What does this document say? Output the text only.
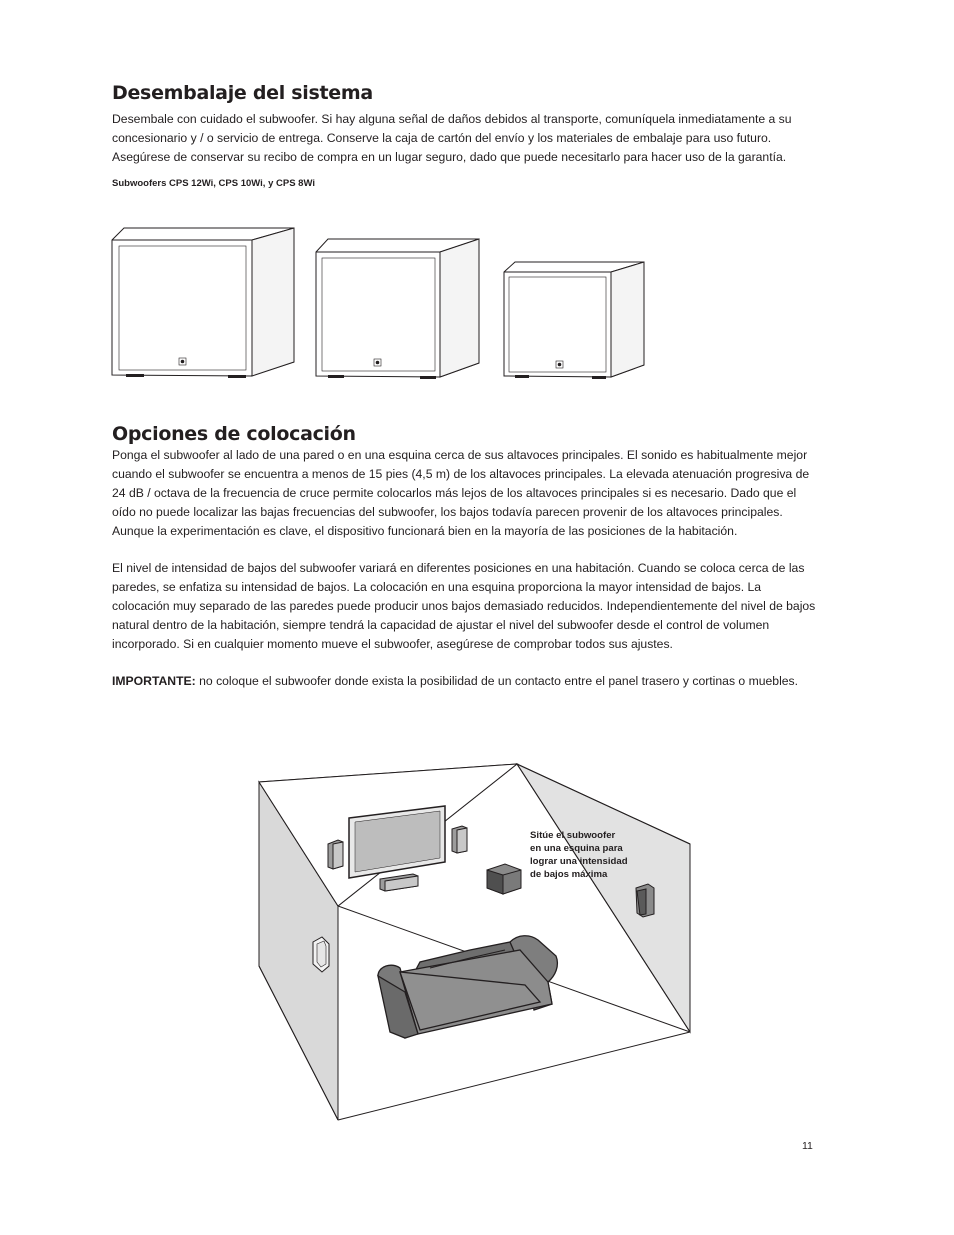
Desembalaje del sistema

Desembale con cuidado el subwoofer. Si hay alguna señal de daños debidos al transporte, comuníquela inmediatamente a su concesionario y / o servicio de entrega. Conserve la caja de cartón del envío y los materiales de embalaje para uso futuro. Asegúrese de conservar su recibo de compra en un lugar seguro, dado que puede necesitarlo para hacer uso de la garantía.

Subwoofers CPS 12Wi, CPS 10Wi, y CPS 8Wi

Opciones de colocación

Ponga el subwoofer al lado de una pared o en una esquina cerca de sus altavoces principales. El sonido es habitualmente mejor cuando el subwoofer se encuentra a menos de 15 pies (4,5 m) de los altavoces principales. La elevada atenuación progresiva de 24 dB / octava de la frecuencia de cruce permite colocarlos más lejos de los altavoces principales si es necesario. Dado que el oído no puede localizar las bajas frecuencias del subwoofer, los bajos todavía parecen provenir de los altavoces principales. Aunque la experimentación es clave, el dispositivo funcionará bien en la mayoría de las posiciones de la habitación.

El nivel de intensidad de bajos del subwoofer variará en diferentes posiciones en una habitación. Cuando se coloca cerca de las paredes, se enfatiza su intensidad de bajos. La colocación en una esquina proporciona la mayor intensidad de bajos. La colocación muy separado de las paredes puede producir unos bajos demasiado reducidos. Independientemente del nivel de bajos natural dentro de la habitación, siempre tendrá la capacidad de ajustar el nivel del subwoofer desde el control de volumen incorporado. Si en cualquier momento mueve el subwoofer, asegúrese de comprobar todos sus ajustes.

IMPORTANTE: no coloque el subwoofer donde exista la posibilidad de un contacto entre el panel trasero y cortinas o muebles.

Sitúe el subwoofer
en una esquina para
lograr una intensidad
de bajos máxima
11
